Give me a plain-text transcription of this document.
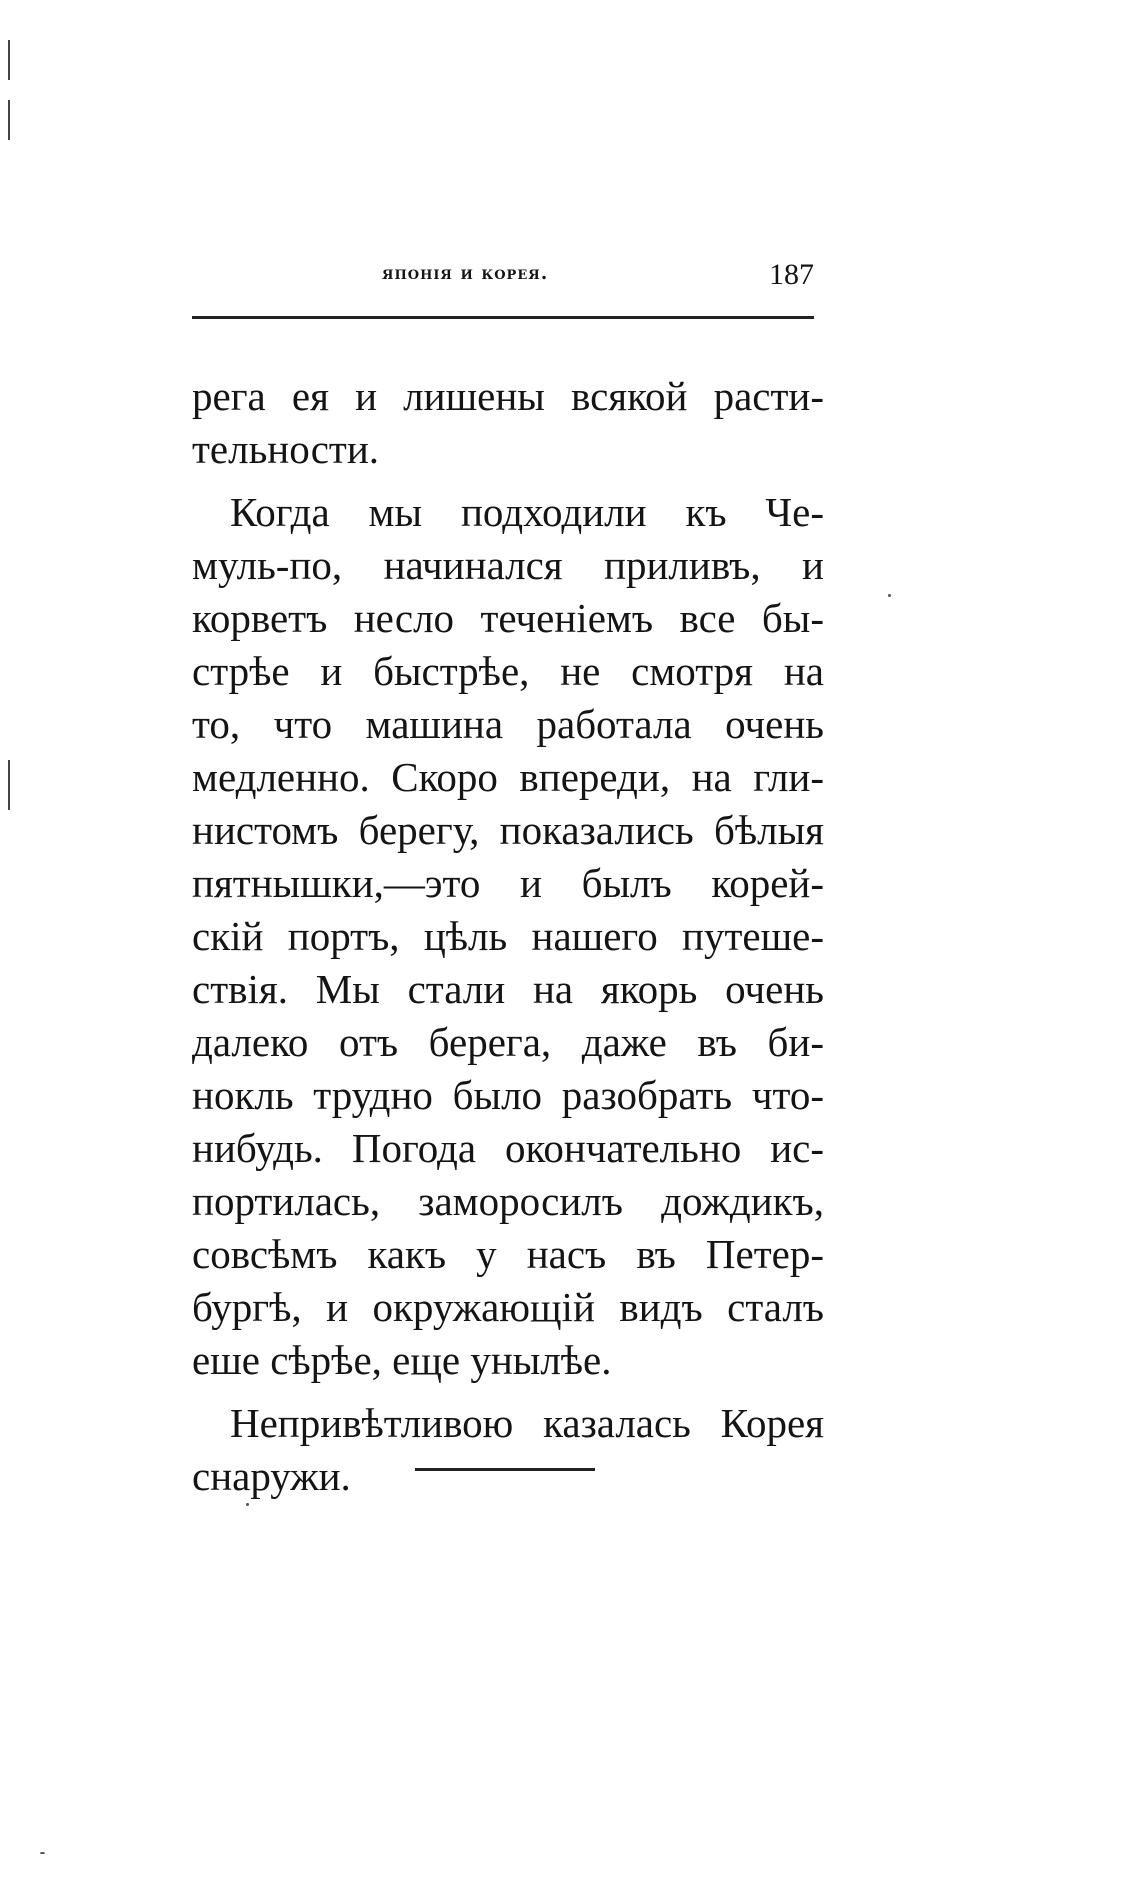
японія и корея.	187
рега ея и лишены всякой расти-
тельности.
Когда мы подходили къ Че-
муль-по, начинался приливъ, и
корветъ несло теченіемъ все бы-
стрѣе и быстрѣе, не смотря на
то, что машина работала очень
медленно. Скоро впереди, на гли-
нистомъ берегу, показались бѣлыя
пятнышки,—это и былъ корей-
скій портъ, цѣль нашего путеше-
ствія. Мы стали на якорь очень
далеко отъ берега, даже въ би-
нокль трудно было разобрать что-
нибудь. Погода окончательно ис-
портилась, заморосилъ дождикъ,
совсѣмъ какъ у насъ въ Петер-
бургѣ, и окружающій видъ сталъ
еше сѣрѣе, еще унылѣе.
Непривѣтливою казалась Корея
снаружи.
